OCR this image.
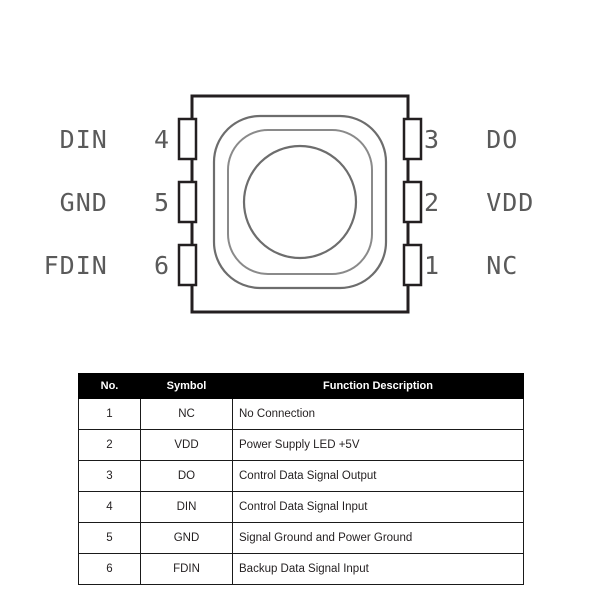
DIN 4
GND 5
FDIN 6
3 DO
2 VDD
1 NC
No.	Symbol	Function Description
1	NC	No Connection
2	VDD	Power Supply LED +5V
3	DO	Control Data Signal Output
4	DIN	Control Data Signal Input
5	GND	Signal Ground and Power Ground
6	FDIN	Backup Data Signal Input
